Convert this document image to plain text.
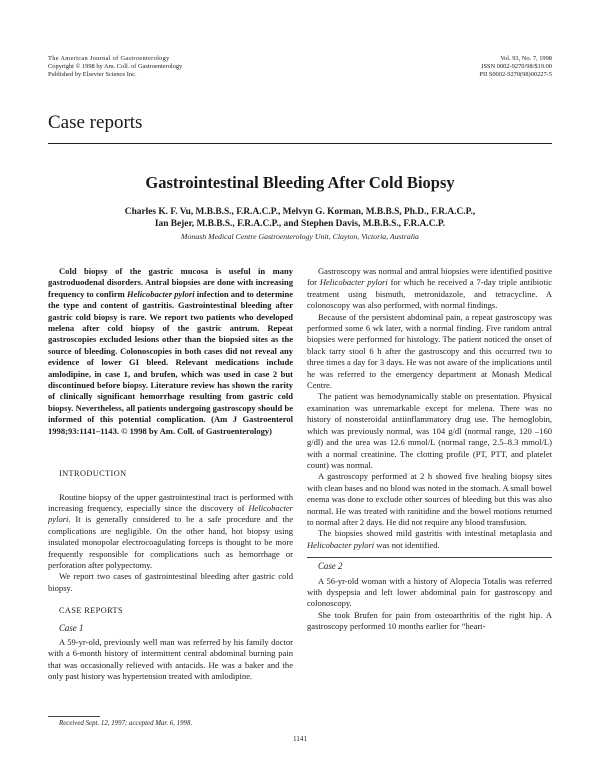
The American Journal of Gastroenterology
Copyright © 1998 by Am. Coll. of Gastroenterology
Published by Elsevier Science Inc.
Vol. 93, No. 7, 1998
ISSN 0002-9270/98/$19.00
PII S0002-9270(98)00227-5
Case reports
Gastrointestinal Bleeding After Cold Biopsy
Charles K. F. Vu, M.B.B.S., F.R.A.C.P., Melvyn G. Korman, M.B.B.S, Ph.D., F.R.A.C.P.,
Ian Bejer, M.B.B.S., F.R.A.C.P., and Stephen Davis, M.B.B.S., F.R.A.C.P.
Monash Medical Centre Gastroenterology Unit, Clayton, Victoria, Australia

Cold biopsy of the gastric mucosa is useful in many gastroduodenal disorders. Antral biopsies are done with increasing frequency to confirm Helicobacter pylori infection and to determine the type and content of gastritis. Gastrointestinal bleeding after gastric cold biopsy is rare. We report two patients who developed melena after cold biopsy of the gastric antrum. Repeat gastroscopies excluded lesions other than the biopsied sites as the source of bleeding. Colonoscopies in both cases did not reveal any evidence of lower GI bleed. Relevant medications include amlodipine, in case 1, and brufen, which was used in case 2 but discontinued before biopsy. Literature review has shown the rarity of clinically significant hemorrhage resulting from gastric cold biopsy. Nevertheless, all patients undergoing gastroscopy should be informed of this potential complication. (Am J Gastroenterol 1998;93:1141–1143. © 1998 by Am. Coll. of Gastroenterology)

INTRODUCTION

Routine biopsy of the upper gastrointestinal tract is performed with increasing frequency, especially since the discovery of Helicobacter pylori. It is generally considered to be a safe procedure and the complications are negligible. On the other hand, hot biopsy using insulated monopolar electrocoagulating forceps is thought to be more frequently responsible for complications such as hemorrhage or perforation after polypectomy.

We report two cases of gastrointestinal bleeding after gastric cold biopsy.

CASE REPORTS

Case 1

A 59-yr-old, previously well man was referred by his family doctor with a 6-month history of intermittent central abdominal burning pain that was occasionally relieved with antacids. He was a baker and the only past history was hypertension treated with amlodipine.

Gastroscopy was normal and antral biopsies were identified positive for Helicobacter pylori for which he received a 7-day triple antibiotic treatment using bismuth, metronidazole, and tetracycline. A colonoscopy was also performed, with normal findings.

Because of the persistent abdominal pain, a repeat gastroscopy was performed some 6 wk later, with a normal finding. Five random antral biopsies were performed for histology. The patient noticed the onset of black tarry stool 6 h after the gastroscopy and this occurred two to three times a day for 3 days. He was not aware of the implications until he was referred to the emergency department at Monash Medical Centre.

The patient was hemodynamically stable on presentation. Physical examination was unremarkable except for melena. There was no history of nonsteroidal antiinflammatory drug use. The hemoglobin, which was previously normal, was 104 g/dl (normal range, 120 –160 g/dl) and the urea was 12.6 mmol/L (normal range, 2.5–8.3 mmol/L) with a normal creatinine. The clotting profile (PT, PTT, and platelet count) was normal.

A gastroscopy performed at 2 h showed five healing biopsy sites with clean bases and no blood was noted in the stomach. A small bowel enema was done to exclude other sources of bleeding but this was also normal. He was treated with ranitidine and the bowel motions returned to normal after 2 days. He did not require any blood transfusion.

The biopsies showed mild gastritis with intestinal metaplasia and Helicobacter pylori was not identified.

Case 2

A 56-yr-old woman with a history of Alopecia Totalis was referred with dyspepsia and left lower abdominal pain for gastroscopy and colonoscopy.

She took Brufen for pain from osteoarthritis of the right hip. A gastroscopy performed 10 months earlier for “heart-

Received Sept. 12, 1997; accepted Mar. 6, 1998.

1141
